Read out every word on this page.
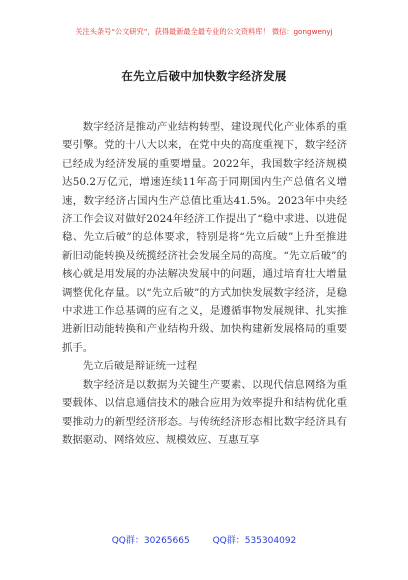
关注头条号“公文研究”，获得最新最全最专业的公文资料库！ 微信：gongwenyj
在先立后破中加快数字经济发展

数字经济是推动产业结构转型、建设现代化产业体系的重要引擎。党的十八大以来，在党中央的高度重视下，数字经济已经成为经济发展的重要增量。2022年，我国数字经济规模达50.2万亿元，增速连续11年高于同期国内生产总值名义增速，数字经济占国内生产总值比重达41.5%。2023年中央经济工作会议对做好2024年经济工作提出了“稳中求进、以进促稳、先立后破”的总体要求，特别是将“先立后破”上升至推进新旧动能转换及统揽经济社会发展全局的高度。“先立后破”的核心就是用发展的办法解决发展中的问题，通过培育壮大增量调整优化存量。以“先立后破”的方式加快发展数字经济，是稳中求进工作总基调的应有之义，是遵循事物发展规律、扎实推进新旧动能转换和产业结构升级、加快构建新发展格局的重要抓手。

先立后破是辩证统一过程

数字经济是以数据为关键生产要素、以现代信息网络为重要载体、以信息通信技术的融合应用为效率提升和结构优化重要推动力的新型经济形态。与传统经济形态相比数字经济具有数据驱动、网络效应、规模效应、互惠互享

QQ群：30265665	QQ群：535304092
